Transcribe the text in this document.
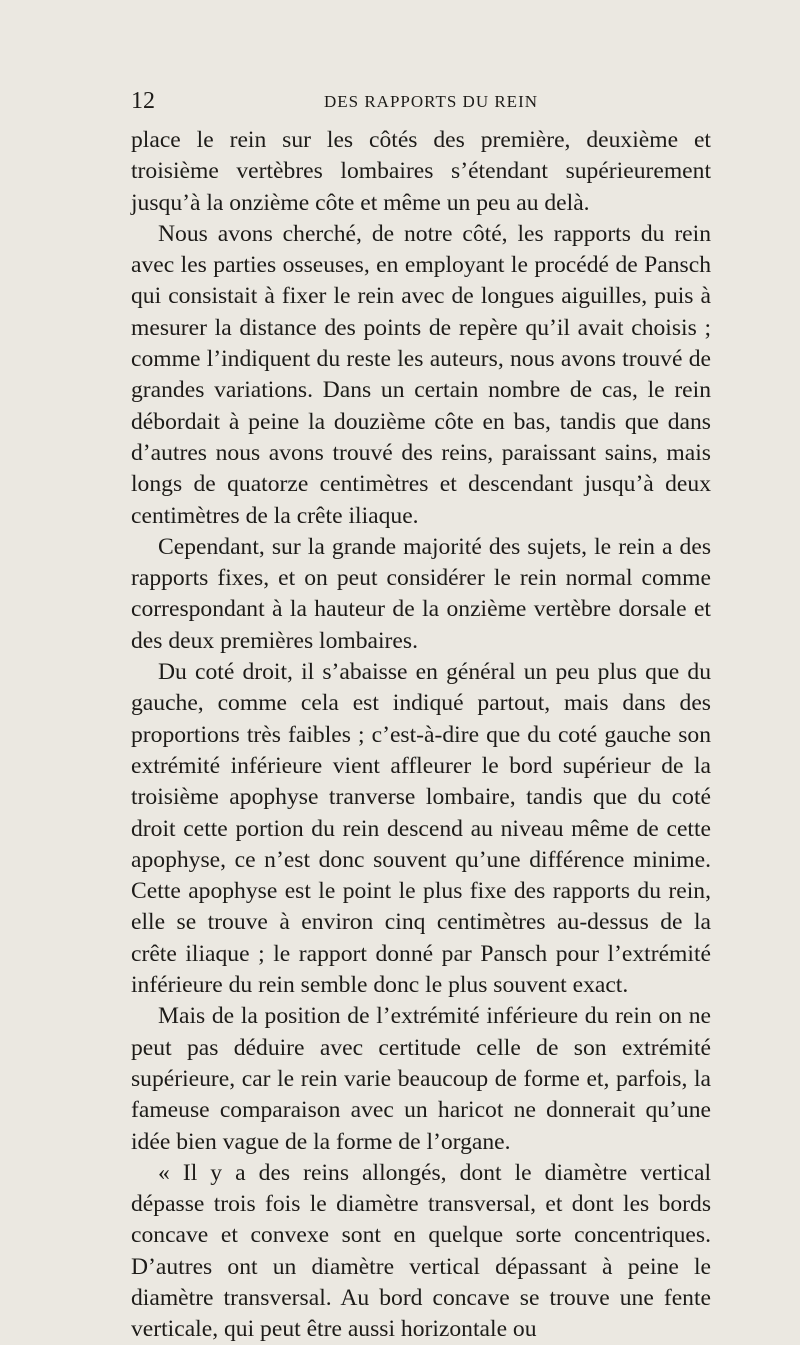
12	DES RAPPORTS DU REIN

place le rein sur les côtés des première, deuxième et troisième vertèbres lombaires s’étendant supérieurement jusqu’à la onzième côte et même un peu au delà.

Nous avons cherché, de notre côté, les rapports du rein avec les parties osseuses, en employant le procédé de Pansch qui consistait à fixer le rein avec de longues aiguilles, puis à mesurer la distance des points de repère qu’il avait choisis ; comme l’indiquent du reste les auteurs, nous avons trouvé de grandes variations. Dans un certain nombre de cas, le rein débordait à peine la douzième côte en bas, tandis que dans d’autres nous avons trouvé des reins, paraissant sains, mais longs de quatorze centimètres et descendant jusqu’à deux centimètres de la crête iliaque.

Cependant, sur la grande majorité des sujets, le rein a des rapports fixes, et on peut considérer le rein normal comme correspondant à la hauteur de la onzième vertèbre dorsale et des deux premières lombaires.

Du coté droit, il s’abaisse en général un peu plus que du gauche, comme cela est indiqué partout, mais dans des proportions très faibles ; c’est-à-dire que du coté gauche son extrémité inférieure vient affleurer le bord supérieur de la troisième apophyse tranverse lombaire, tandis que du coté droit cette portion du rein descend au niveau même de cette apophyse, ce n’est donc souvent qu’une différence minime. Cette apophyse est le point le plus fixe des rapports du rein, elle se trouve à environ cinq centimètres au-dessus de la crête iliaque ; le rapport donné par Pansch pour l’extrémité inférieure du rein semble donc le plus souvent exact.

Mais de la position de l’extrémité inférieure du rein on ne peut pas déduire avec certitude celle de son extrémité supérieure, car le rein varie beaucoup de forme et, parfois, la fameuse comparaison avec un haricot ne donnerait qu’une idée bien vague de la forme de l’organe.

« Il y a des reins allongés, dont le diamètre vertical dépasse trois fois le diamètre transversal, et dont les bords concave et convexe sont en quelque sorte concentriques. D’autres ont un diamètre vertical dépassant à peine le diamètre transversal. Au bord concave se trouve une fente verticale, qui peut être aussi horizontale ou
